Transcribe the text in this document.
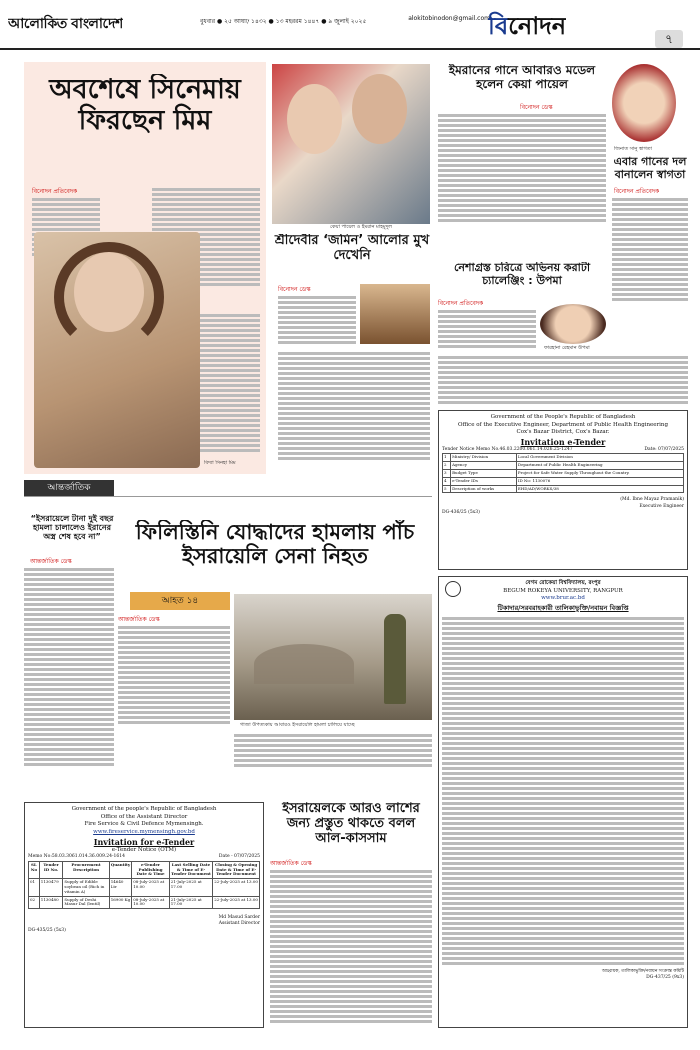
আলোকিত বাংলাদেশ	বুধবার ● ২৫ আষাঢ় ১৪৩২ ● ১৩ মহররম ১৪৪৭ ● ৯ জুলাই ২০২৫	alokitobinodon@gmail.com
বিনোদন	৭
অবশেষে সিনেমায় ফিরছেন মিম
বিনোদন প্রতিবেদক
বিদ্যা সিনহা মিম
কেয়া পায়েল ও ইমরান মাহমুদুল
শ্রীদেবীর ‘জমিন’ আলোর মুখ দেখেনি
বিনোদন ডেস্ক
ইমরানের গানে আবারও মডেল হলেন কেয়া পায়েল
বিনোদন ডেস্ক
জিনাত সানু স্বাগতা
এবার গানের দল বানালেন স্বাগতা
বিনোদন প্রতিবেদক
নেশাগ্রস্ত চরিত্রে অভিনয় করাটা চ্যালেঞ্জিং : উপমা
বিনোদন প্রতিবেদক
ফারহানা রেহমান উপমা
Government of the People's Republic of Bangladesh
Office of the Executive Engineer, Department of Public Health Engineering
Cox's Bazar District, Cox's Bazar.
Invitation e-Tender
Tender Notice Memo No.46.03.2200.061.14.026.25-1247	Date: 07/07/2025
1	Ministry/ Division	Local Government Division
2	Agency	Department of Public Health Engineering
3	Budget Type	Project for Safe Water Supply Throughout the Country.
4	e-Tender IDs	ID No: 1130076
5	Description of works	EHD/AD/WORKS/38
(Md. Ibne Mayaz Pramanik)
Executive Engineer
DG-436/25 (5x3)
আন্তর্জাতিক
“ইসরায়েলে টানা দুই বছর হামলা চালালেও ইরানের অস্ত্র শেষ হবে না”
আন্তর্জাতিক ডেস্ক
ফিলিস্তিনি যোদ্ধাদের হামলায় পাঁচ ইসরায়েলি সেনা নিহত
আহত ১৪
আন্তর্জাতিক ডেস্ক
গাজা উপত্যকায় আবারও ইসরায়েলি হামলা চালিয়ে যাচ্ছে
Government of the people's Republic of Bangladesh
Office of the Assistant Director
Fire Service & Civil Defence Mymensingh.
www.fireservice.mymensingh.gov.bd
Invitation for e-Tender
e-Tender Notice (OTM)
Memo No:58.03.3061.014.36.009.24-1614	Date - 07/07/2025
SL No	Tender ID No.	Procurement Description	Quantity	e-Tender Publishing Date & Time	Last Selling Date & Time of E-Tender Document	Closing & Opening Date & Time of E-Tender Document
01	1130479	Supply of Edible soybean oil (Rich in vitamin A)	14640 Ltr	08-July-2025 at 10.00	21-July-2025 at 17.00	22-July-2025 at 13.00
02	1130480	Supply of Deshi Masur Dal (lentil)	16900 Kg	08-July-2025 at 10.00	21-July-2025 at 17.00	22-July-2025 at 13.00
Md Masud Sarder
Assistant Director
DG-435/25 (5x3)
ইসরায়েলকে আরও লাশের জন্য প্রস্তুত থাকতে বলল আল-কাসসাম
আন্তর্জাতিক ডেস্ক
বেগম রোকেয়া বিশ্ববিদ্যালয়, রংপুর
BEGUM ROKEYA UNIVERSITY, RANGPUR
www.brur.ac.bd
টিকাদার/সরবরাহকারী তালিকাভুক্তি/নবায়ন বিজ্ঞপ্তি
আহ্বায়ক, তালিকাভুক্তি/নবায়ন সংক্রান্ত কমিটি
DG-437/25 (9x3)
